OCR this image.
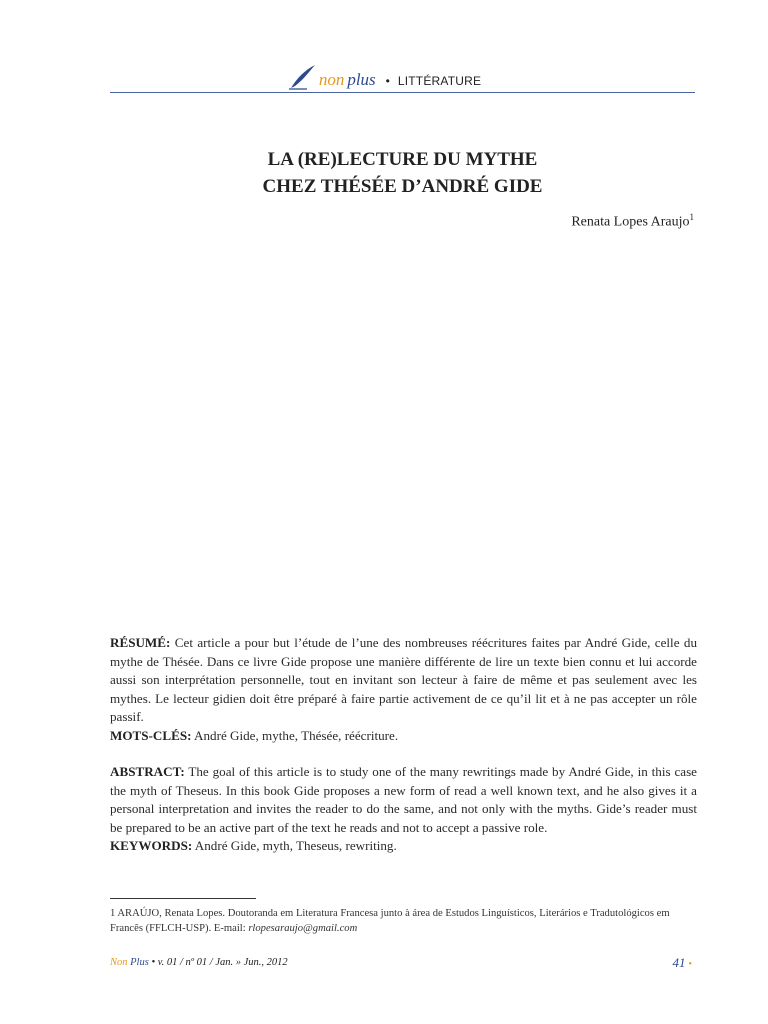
non plus • LITTÉRATURE
LA (RE)LECTURE DU MYTHE
CHEZ THÉSÉE D’ANDRÉ GIDE
Renata Lopes Araujo$^1$

RÉSUMÉ: Cet article a pour but l’étude de l’une des nombreuses réécritures faites par André Gide, celle du mythe de Thésée. Dans ce livre Gide propose une manière différente de lire un texte bien connu et lui accorde aussi son interprétation personnelle, tout en invitant son lecteur à faire de même et pas seulement avec les mythes. Le lecteur gidien doit être préparé à faire partie activement de ce qu’il lit et à ne pas accepter un rôle passif.

MOTS-CLÉS: André Gide, mythe, Thésée, réécriture.

ABSTRACT: The goal of this article is to study one of the many rewritings made by André Gide, in this case the myth of Theseus. In this book Gide proposes a new form of read a well known text, and he also gives it a personal interpretation and invites the reader to do the same, and not only with the myths. Gide’s reader must be prepared to be an active part of the text he reads and not to accept a passive role.

KEYWORDS: André Gide, myth, Theseus, rewriting.

1 ARAÚJO, Renata Lopes. Doutoranda em Literatura Francesa junto à área de Estudos Linguísticos, Literários e Tradutológicos em Francês (FFLCH-USP). E-mail: rlopesaraujo@gmail.com
Non Plus • v. 01 / nº 01 / Jan. » Jun., 2012	41 •
